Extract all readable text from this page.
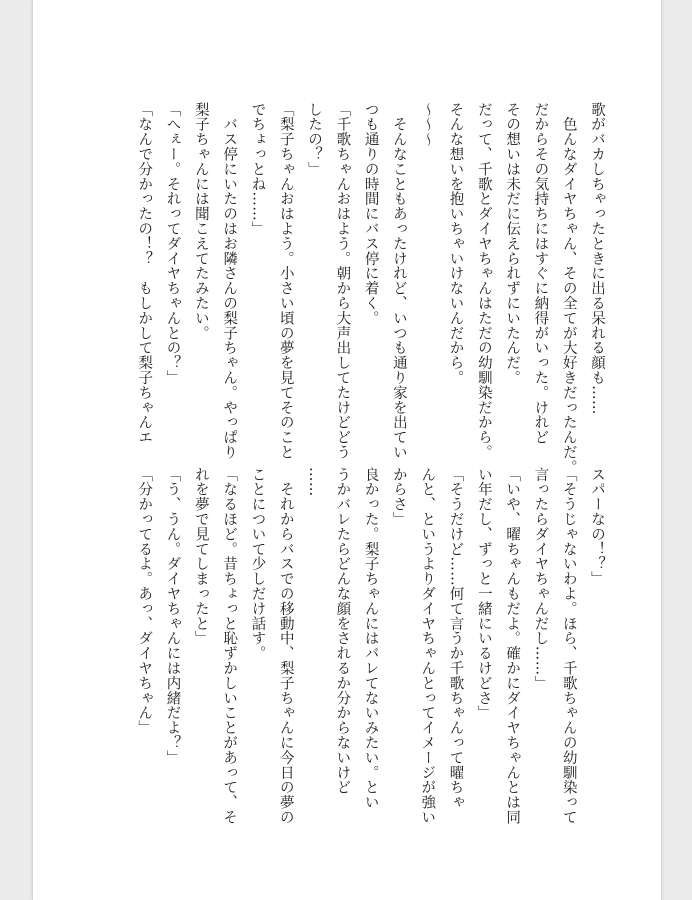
歌がバカしちゃったときに出る呆れる顔も……
　色んなダイヤちゃん、その全てが大好きだったんだ。
だからその気持ちにはすぐに納得がいった。けれど
その想いは未だに伝えられずにいたんだ。
だって、千歌とダイヤちゃんはただの幼馴染だから。
そんな想いを抱いちゃいけないんだから。
〜〜〜
　そんなこともあったけれど、いつも通り家を出てい
つも通りの時間にバス停に着く。
「千歌ちゃんおはよう。朝から大声出してたけどどう
したの？」
「梨子ちゃんおはよう。小さい頃の夢を見てそのこと
でちょっとね……」
　バス停にいたのはお隣さんの梨子ちゃん。やっぱり
梨子ちゃんには聞こえてたみたい。
「へぇー。それってダイヤちゃんとの？」
「なんで分かったの！？　もしかして梨子ちゃんエ
スパーなの！？」
「そうじゃないわよ。ほら、千歌ちゃんの幼馴染って
言ったらダイヤちゃんだし……」
「いや、曜ちゃんもだよ。確かにダイヤちゃんとは同
い年だし、ずっと一緒にいるけどさ」
「そうだけど……何て言うか千歌ちゃんって曜ちゃ
んと、というよりダイヤちゃんとってイメージが強い
からさ」
良かった。梨子ちゃんにはバレてないみたい。とい
うかバレたらどんな顔をされるか分からないけど
……
　それからバスでの移動中、梨子ちゃんに今日の夢の
ことについて少しだけ話す。
「なるほど。昔ちょっと恥ずかしいことがあって、そ
れを夢で見てしまったと」
「う、うん。ダイヤちゃんには内緒だよ？」
「分かってるよ。あっ、ダイヤちゃん」
